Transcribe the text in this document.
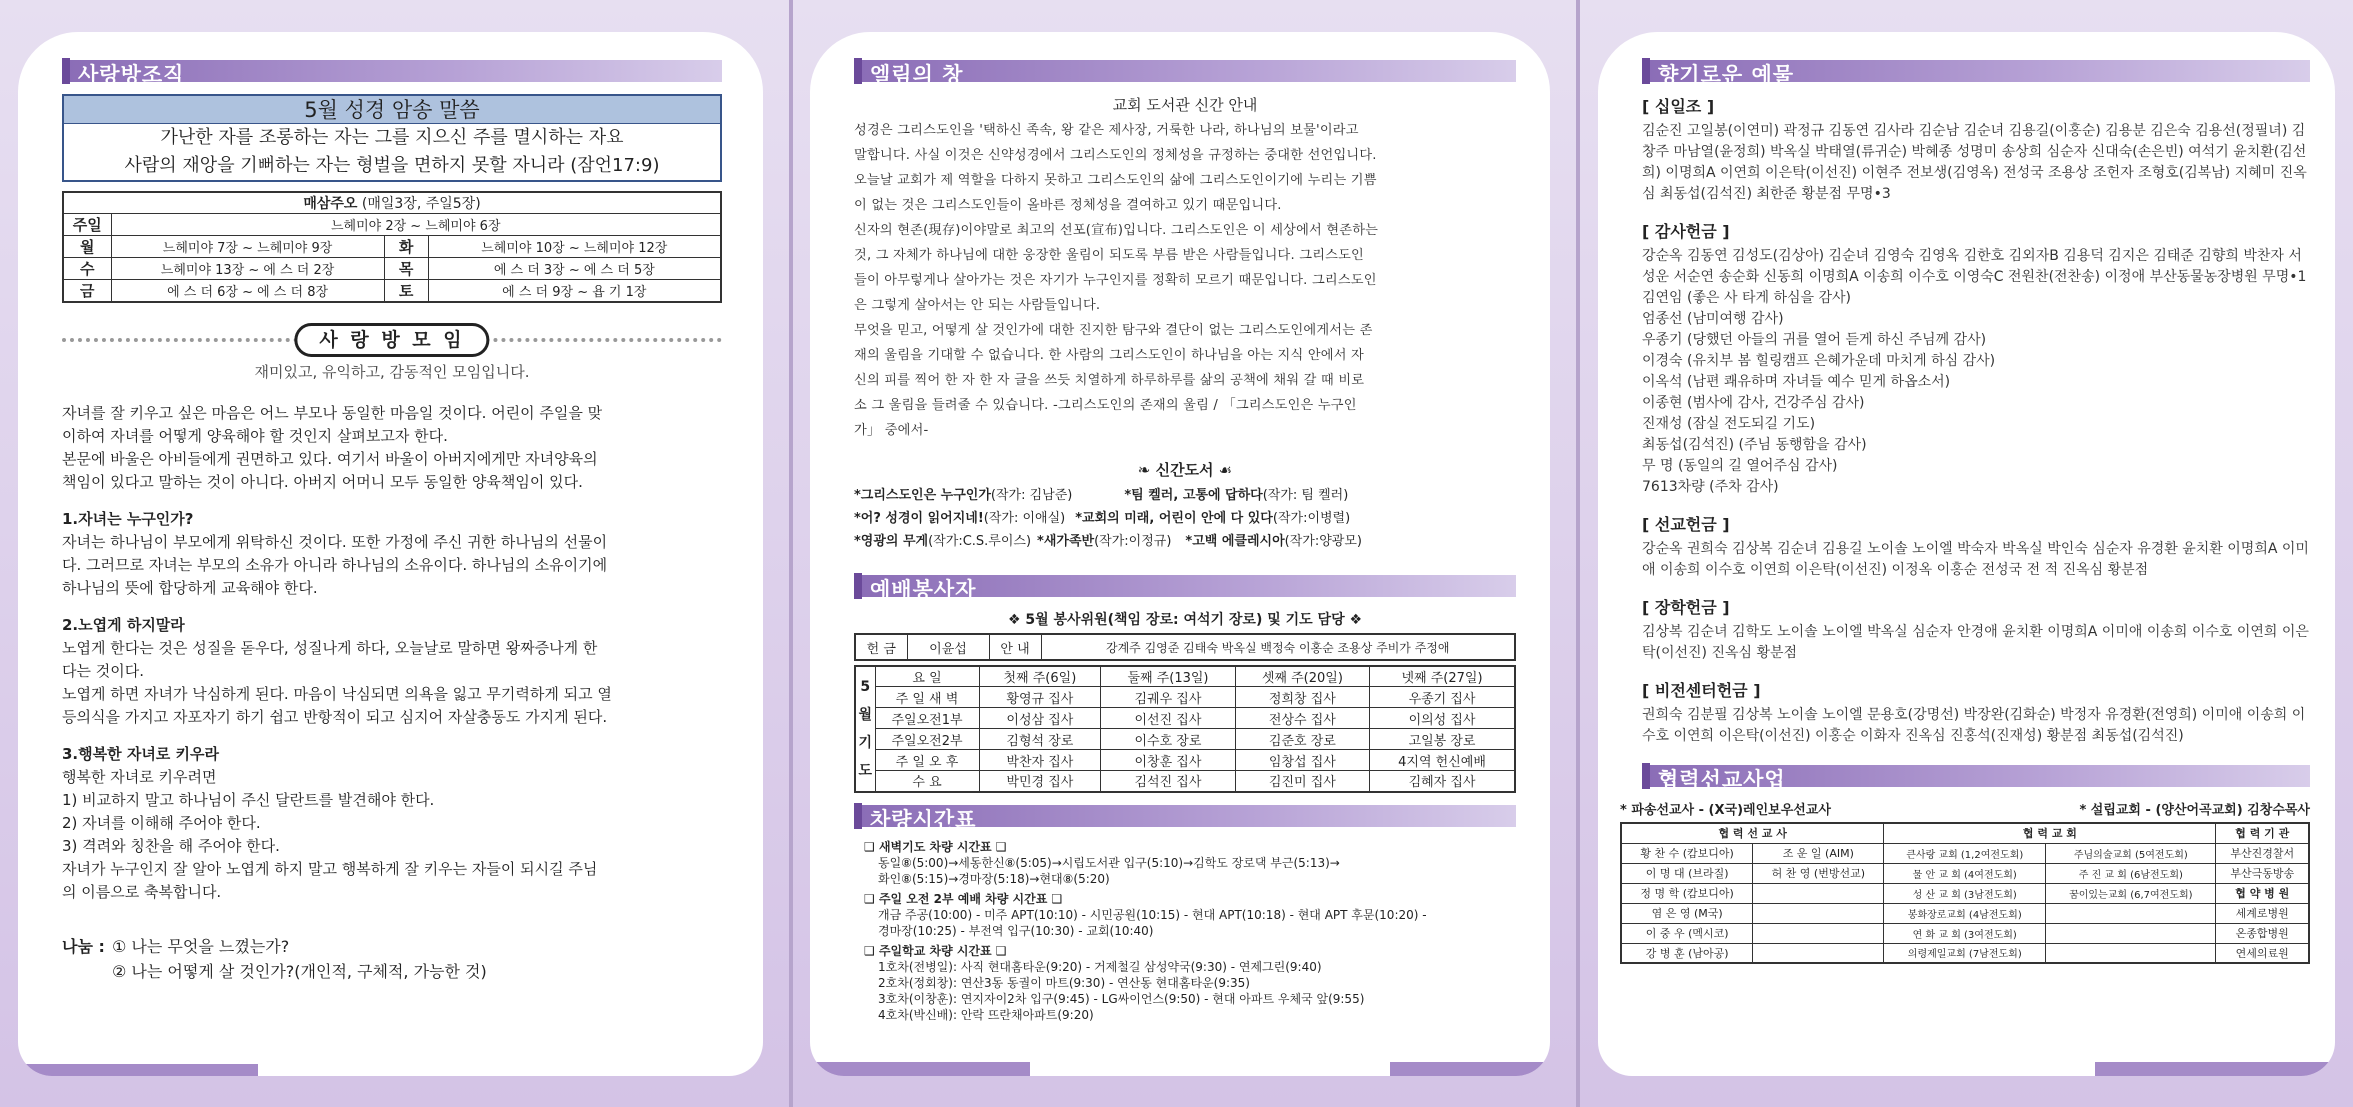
사랑방조직
5월 성경 암송 말씀
가난한 자를 조롱하는 자는 그를 지으신 주를 멸시하는 자요
사람의 재앙을 기뻐하는 자는 형벌을 면하지 못할 자니라 (잠언17:9)
매삼주오 (매일3장, 주일5장)			
주일	느헤미야 2장 ~ 느헤미야 6장		
월	느헤미야 7장 ~ 느헤미야 9장	화	느헤미야 10장 ~ 느헤미야 12장
수	느헤미야 13장 ~ 에 스 더 2장	목	에 스 더 3장 ~ 에 스 더 5장
금	에 스 더 6장 ~ 에 스 더 8장	토	에 스 더 9장 ~ 욥 기 1장
사 랑 방 모 임
재미있고, 유익하고, 감동적인 모임입니다.
자녀를 잘 키우고 싶은 마음은 어느 부모나 동일한 마음일 것이다. 어린이 주일을 맞
이하여 자녀를 어떻게 양육해야 할 것인지 살펴보고자 한다.
본문에 바울은 아비들에게 권면하고 있다. 여기서 바울이 아버지에게만 자녀양육의
책임이 있다고 말하는 것이 아니다. 아버지 어머니 모두 동일한 양육책임이 있다.
1.자녀는 누구인가?
자녀는 하나님이 부모에게 위탁하신 것이다. 또한 가정에 주신 귀한 하나님의 선물이
다. 그러므로 자녀는 부모의 소유가 아니라 하나님의 소유이다. 하나님의 소유이기에
하나님의 뜻에 합당하게 교육해야 한다.
2.노엽게 하지말라
노엽게 한다는 것은 성질을 돋우다, 성질나게 하다, 오늘날로 말하면 왕짜증나게 한
다는 것이다.
노엽게 하면 자녀가 낙심하게 된다. 마음이 낙심되면 의욕을 잃고 무기력하게 되고 열
등의식을 가지고 자포자기 하기 쉽고 반항적이 되고 심지어 자살충동도 가지게 된다.
3.행복한 자녀로 키우라
행복한 자녀로 키우려면
1) 비교하지 말고 하나님이 주신 달란트를 발견해야 한다.
2) 자녀를 이해해 주어야 한다.
3) 격려와 칭찬을 해 주어야 한다.
자녀가 누구인지 잘 알아 노엽게 하지 말고 행복하게 잘 키우는 자들이 되시길 주님
의 이름으로 축복합니다.
나눔 : ① 나는 무엇을 느꼈는가?
② 나는 어떻게 살 것인가?(개인적, 구체적, 가능한 것)
엘림의 창
교회 도서관 신간 안내
성경은 그리스도인을 '택하신 족속, 왕 같은 제사장, 거룩한 나라, 하나님의 보물'이라고
말합니다. 사실 이것은 신약성경에서 그리스도인의 정체성을 규정하는 중대한 선언입니다.
오늘날 교회가 제 역할을 다하지 못하고 그리스도인의 삶에 그리스도인이기에 누리는 기쁨
이 없는 것은 그리스도인들이 올바른 정체성을 결여하고 있기 때문입니다.
신자의 현존(現存)이야말로 최고의 선포(宣布)입니다. 그리스도인은 이 세상에서 현존하는
것, 그 자체가 하나님에 대한 웅장한 울림이 되도록 부름 받은 사람들입니다. 그리스도인
들이 아무렇게나 살아가는 것은 자기가 누구인지를 정확히 모르기 때문입니다. 그리스도인
은 그렇게 살아서는 안 되는 사람들입니다.
무엇을 믿고, 어떻게 살 것인가에 대한 진지한 탐구와 결단이 없는 그리스도인에게서는 존
재의 울림을 기대할 수 없습니다. 한 사람의 그리스도인이 하나님을 아는 지식 안에서 자
신의 피를 찍어 한 자 한 자 글을 쓰듯 치열하게 하루하루를 삶의 공책에 채워 갈 때 비로
소 그 울림을 들려줄 수 있습니다. -그리스도인의 존재의 울림 / 「그리스도인은 누구인
가」 중에서-
❧ 신간도서 ☙
*그리스도인은 누구인가(작가: 김남준)	*팀 켈러, 고통에 답하다(작가: 팀 켈러)
*어? 성경이 읽어지네!(작가: 이애실) *교회의 미래, 어린이 안에 다 있다(작가:이병렬)
*영광의 무게(작가:C.S.루이스) *새가족반(작가:이정규) *고백 에클레시아(작가:양광모)
예배봉사자
❖ 5월 봉사위원(책임 장로: 여석기 장로) 및 기도 담당 ❖
헌 금	이윤섭	안 내	강계주 김영준 김태숙 박옥실 백정숙 이홍순 조용상 주비가 주정애
5월기도	요 일	첫째 주(6일)	둘째 주(13일)	셋째 주(20일)	넷째 주(27일)
	주 일 새 벽	황영규 집사	김궤우 집사	정희창 집사	우종기 집사
	주일오전1부	이성삼 집사	이선진 집사	전상수 집사	이의성 집사
	주일오전2부	김형석 장로	이수호 장로	김준호 장로	고일봉 장로
	주 일 오 후	박찬자 집사	이창훈 집사	임창섭 집사	4지역 헌신예배
	수 요	박민경 집사	김석진 집사	김진미 집사	김혜자 집사
차량시간표
❑ 새벽기도 차량 시간표 ❑
동일⑧(5:00)→세동한신⑧(5:05)→시립도서관 입구(5:10)→김학도 장로댁 부근(5:13)→
화인⑧(5:15)→경마장(5:18)→현대⑧(5:20)
❑ 주일 오전 2부 예배 차량 시간표 ❑
개금 주공(10:00) - 미주 APT(10:10) - 시민공원(10:15) - 현대 APT(10:18) - 현대 APT 후문(10:20) -
경마장(10:25) - 부전역 입구(10:30) - 교회(10:40)
❑ 주일학교 차량 시간표 ❑
1호차(전병일): 사직 현대홈타운(9:20) - 거제철길 삼성약국(9:30) - 연제그린(9:40)
2호차(정회창): 연산3동 동궐이 마트(9:30) - 연산동 현대홈타운(9:35)
3호차(이창훈): 연지자이2차 입구(9:45) - LG싸이언스(9:50) - 현대 아파트 우체국 앞(9:55)
4호차(박신배): 안락 뜨란채아파트(9:20)
향기로운 예물
[ 십일조 ]
김순진 고일봉(이연미) 곽정규 김동연 김사라 김순남 김순녀 김용길(이홍순) 김용분 김은숙 김용선(정필녀) 김창주 마남열(윤정희) 박옥실 박태열(류귀순) 박혜종 성명미 송상희 심순자 신대숙(손은빈) 여석기 윤치환(김선희) 이명희A 이연희 이은탁(이선진) 이현주 전보생(김영옥) 전성국 조용상 조헌자 조형호(김복남) 지혜미 진옥심 최동섭(김석진) 최한준 황분점 무명•3
[ 감사헌금 ]
강순옥 김동연 김성도(김상아) 김순녀 김영숙 김영옥 김한호 김외자B 김용덕 김지은 김태준 김향희 박찬자 서성운 서순연 송순화 신동희 이명희A 이송희 이수호 이영숙C 전원찬(전찬송) 이정애 부산동물농장병원 무명•1
김연임 (좋은 사 타게 하심을 감사)
엄종선 (남미여행 감사)
우종기 (당했던 아들의 귀를 열어 듣게 하신 주님께 감사)
이경숙 (유치부 봄 힐링캠프 은혜가운데 마치게 하심 감사)
이옥석 (남편 쾌유하며 자녀들 예수 믿게 하옵소서)
이종현 (범사에 감사, 건강주심 감사)
진재성 (잠실 전도되길 기도)
최동섭(김석진) (주님 동행함을 감사)
무 명 (동일의 길 열어주심 감사)
7613차량 (주차 감사)
[ 선교헌금 ]
강순옥 권희숙 김상복 김순녀 김용길 노이솔 노이엘 박숙자 박옥실 박인숙 심순자 유경환 윤치환 이명희A 이미애 이송희 이수호 이연희 이은탁(이선진) 이정옥 이홍순 전성국 전 적 진옥심 황분점
[ 장학헌금 ]
김상복 김순녀 김학도 노이솔 노이엘 박옥실 심순자 안경애 윤치환 이명희A 이미애 이송희 이수호 이연희 이은탁(이선진) 진옥심 황분점
[ 비전센터헌금 ]
권희숙 김분필 김상복 노이솔 노이엘 문용호(강명선) 박장완(김화순) 박정자 유경환(전영희) 이미애 이송희 이수호 이연희 이은탁(이선진) 이홍순 이화자 진옥심 진홍석(진재성) 황분점 최동섭(김석진)
협력선교사업
* 파송선교사 - (X국)레인보우선교사	* 설립교회 - (양산어곡교회) 김창수목사
협 력 선 교 사		협 력 교 회		협 력 기 관
황 찬 수 (캄보디아)	조 운 일 (AIM)	큰사랑 교회 (1,2여전도회)	주님의술교회 (5여전도회)	부산진경찰서
이 명 대 (브라질)	허 찬 영 (번방선교)	물 안 교 회 (4여전도회)	주 진 교 회 (6남전도회)	부산극동방송
정 명 학 (캄보디아)		성 산 교 회 (3남전도회)	꿈이있는교회 (6,7여전도회)	협 약 병 원
염 은 영 (M국)		봉화장로교회 (4남전도회)		세계로병원
이 중 우 (멕시코)		연 화 교 회 (3여전도회)		온종합병원
강 병 훈 (남아공)		의령제일교회 (7남전도회)		연세의료원
